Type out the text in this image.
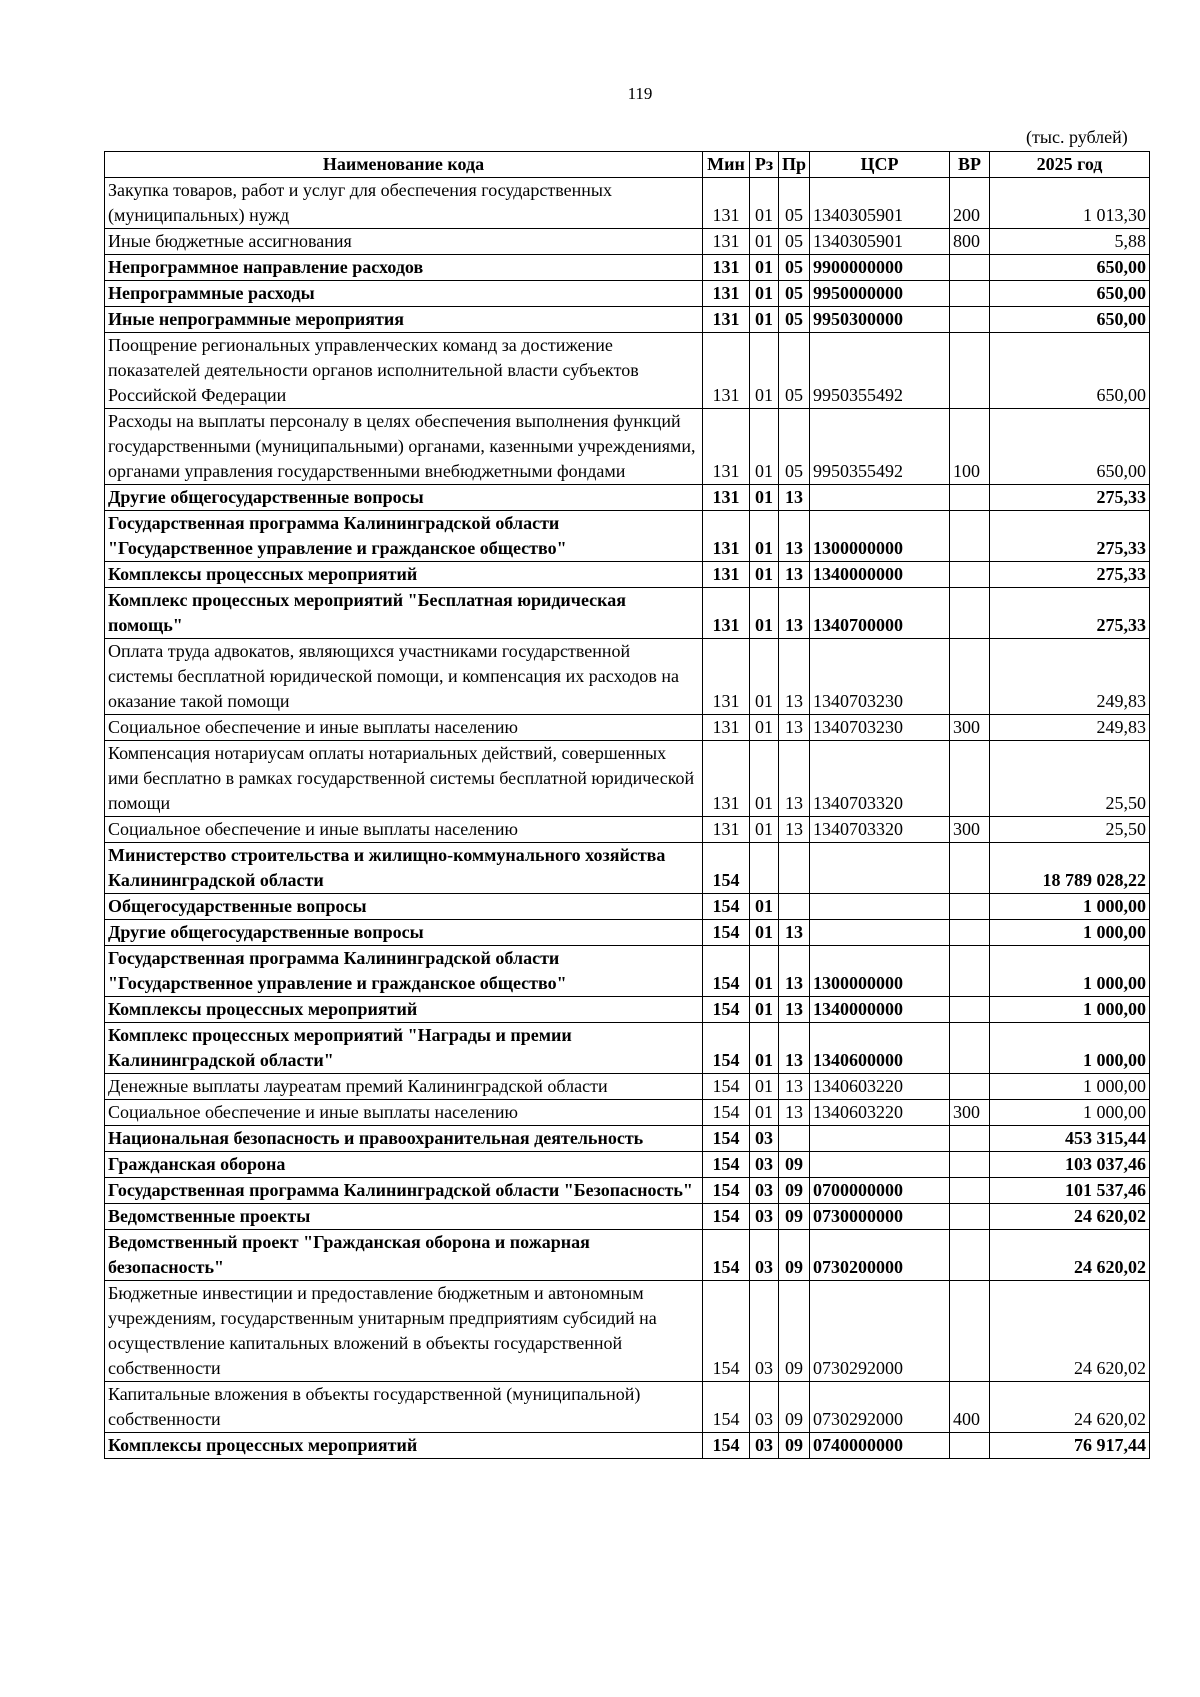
119
(тыс. рублей)
Наименование кода	Мин	Рз	Пр	ЦСР	ВР	2025 год
Закупка товаров, работ и услуг для обеспечения государственных (муниципальных) нужд	131	01	05	1340305901	200	1 013,30
Иные бюджетные ассигнования	131	01	05	1340305901	800	5,88
Непрограммное направление расходов	131	01	05	9900000000		650,00
Непрограммные расходы	131	01	05	9950000000		650,00
Иные непрограммные мероприятия	131	01	05	9950300000		650,00
Поощрение региональных управленческих команд за достижение показателей деятельности органов исполнительной власти субъектов Российской Федерации	131	01	05	9950355492		650,00
Расходы на выплаты персоналу в целях обеспечения выполнения функций государственными (муниципальными) органами, казенными учреждениями, органами управления государственными внебюджетными фондами	131	01	05	9950355492	100	650,00
Другие общегосударственные вопросы	131	01	13			275,33
Государственная программа Калининградской области "Государственное управление и гражданское общество"	131	01	13	1300000000		275,33
Комплексы процессных мероприятий	131	01	13	1340000000		275,33
Комплекс процессных мероприятий "Бесплатная юридическая помощь"	131	01	13	1340700000		275,33
Оплата труда адвокатов, являющихся участниками государственной системы бесплатной юридической помощи, и компенсация их расходов на оказание такой помощи	131	01	13	1340703230		249,83
Социальное обеспечение и иные выплаты населению	131	01	13	1340703230	300	249,83
Компенсация нотариусам оплаты нотариальных действий, совершенных ими бесплатно в рамках государственной системы бесплатной юридической помощи	131	01	13	1340703320		25,50
Социальное обеспечение и иные выплаты населению	131	01	13	1340703320	300	25,50
Министерство строительства и жилищно-коммунального хозяйства Калининградской области	154					18 789 028,22
Общегосударственные вопросы	154	01				1 000,00
Другие общегосударственные вопросы	154	01	13			1 000,00
Государственная программа Калининградской области "Государственное управление и гражданское общество"	154	01	13	1300000000		1 000,00
Комплексы процессных мероприятий	154	01	13	1340000000		1 000,00
Комплекс процессных мероприятий "Награды и премии Калининградской области"	154	01	13	1340600000		1 000,00
Денежные выплаты лауреатам премий Калининградской области	154	01	13	1340603220		1 000,00
Социальное обеспечение и иные выплаты населению	154	01	13	1340603220	300	1 000,00
Национальная безопасность и правоохранительная деятельность	154	03				453 315,44
Гражданская оборона	154	03	09			103 037,46
Государственная программа Калининградской области "Безопасность"	154	03	09	0700000000		101 537,46
Ведомственные проекты	154	03	09	0730000000		24 620,02
Ведомственный проект "Гражданская оборона и пожарная безопасность"	154	03	09	0730200000		24 620,02
Бюджетные инвестиции и предоставление бюджетным и автономным учреждениям, государственным унитарным предприятиям субсидий на осуществление капитальных вложений в объекты государственной собственности	154	03	09	0730292000		24 620,02
Капитальные вложения в объекты государственной (муниципальной) собственности	154	03	09	0730292000	400	24 620,02
Комплексы процессных мероприятий	154	03	09	0740000000		76 917,44
